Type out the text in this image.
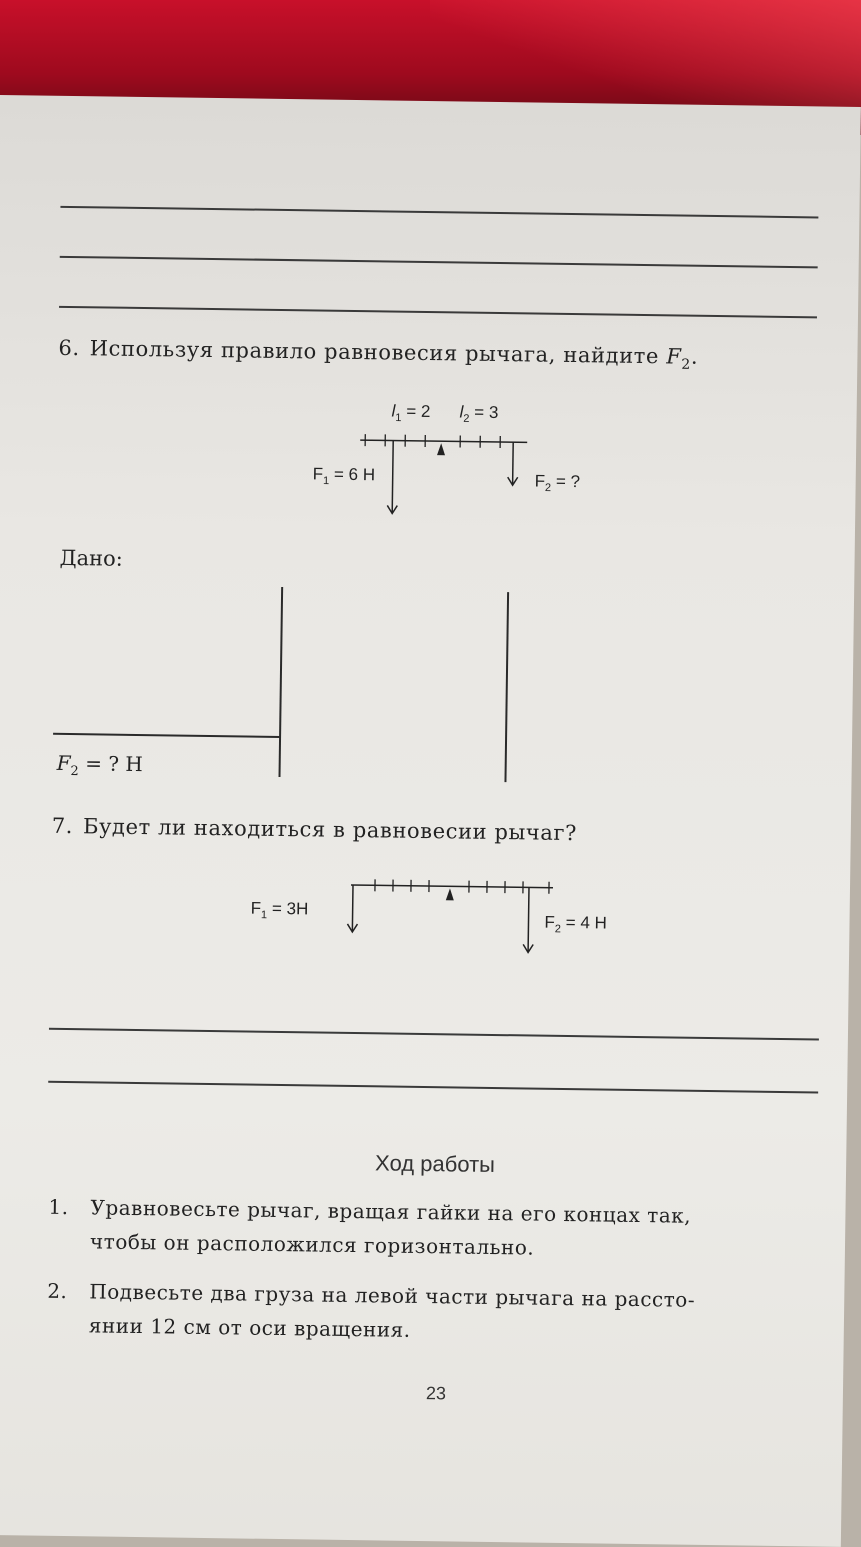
6. Используя правило равновесия рычага, найдите $F_2$.
$l_1 = 2$ $l_2 = 3$
$F_1 = 6$ Н	$F_2$ = ?
Дано:
$F_2$ = ? Н
7. Будет ли находиться в равновесии рычаг?
$F_1 = 3Н$
$F_2 = 4$ Н
Ход работы
1. Уравновесьте рычаг, вращая гайки на его концах так,
чтобы он расположился горизонтально.
2. Подвесьте два груза на левой части рычага на рассто-
янии 12 см от оси вращения.
23
